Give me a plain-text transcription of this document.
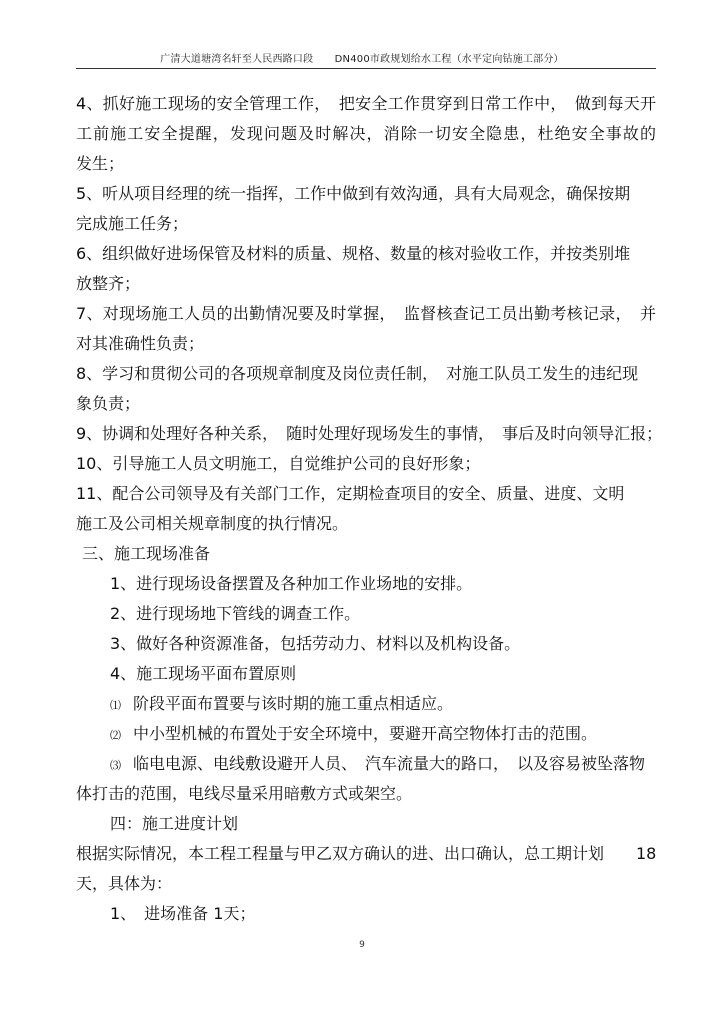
广清大道塘湾名轩至人民西路口段 DN400市政规划给水工程（水平定向钻施工部分）
4、抓好施工现场的安全管理工作，　把安全工作贯穿到日常工作中，　做到每天开
工前施工安全提醒，发现问题及时解决，消除一切安全隐患，杜绝安全事故的
发生；
5、听从项目经理的统一指挥，工作中做到有效沟通，具有大局观念，确保按期
完成施工任务；
6、组织做好进场保管及材料的质量、规格、数量的核对验收工作，并按类别堆
放整齐；
7、对现场施工人员的出勤情况要及时掌握，　监督核查记工员出勤考核记录，　并
对其准确性负责；
8、学习和贯彻公司的各项规章制度及岗位责任制，　对施工队员工发生的违纪现
象负责；
9、协调和处理好各种关系，　随时处理好现场发生的事情，　事后及时向领导汇报；
10、引导施工人员文明施工，自觉维护公司的良好形象；
11、配合公司领导及有关部门工作，定期检查项目的安全、质量、进度、文明
施工及公司相关规章制度的执行情况。
三、施工现场准备
1、进行现场设备摆置及各种加工作业场地的安排。
2、进行现场地下管线的调查工作。
3、做好各种资源准备，包括劳动力、材料以及机构设备。
4、施工现场平面布置原则
⑴ 阶段平面布置要与该时期的施工重点相适应。
⑵ 中小型机械的布置处于安全环境中，要避开高空物体打击的范围。
⑶ 临电电源、电线敷设避开人员、　汽车流量大的路口，　以及容易被坠落物
体打击的范围，电线尽量采用暗敷方式或架空。
四：施工进度计划
根据实际情况，本工程工程量与甲乙双方确认的进、出口确认，总工期计划　　18
天，具体为：
1、　进场准备 1天；
9
